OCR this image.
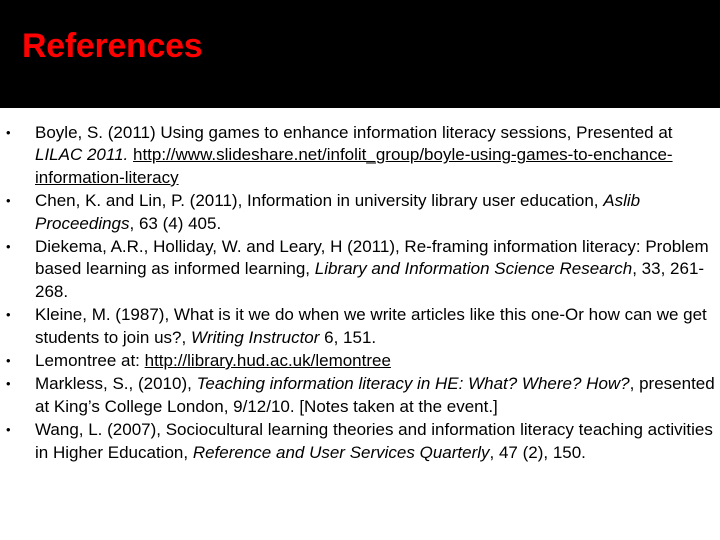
References
• Boyle, S. (2011) Using games to enhance information literacy sessions, Presented at LILAC 2011. http://www.slideshare.net/infolit_group/boyle-using-games-to-enchance-information-literacy
• Chen, K. and Lin, P. (2011), Information in university library user education, Aslib Proceedings, 63 (4) 405.
• Diekema, A.R., Holliday, W. and Leary, H (2011), Re-framing information literacy: Problem based learning as informed learning, Library and Information Science Research, 33, 261-268.
• Kleine, M. (1987), What is it we do when we write articles like this one-Or how can we get students to join us?, Writing Instructor 6, 151.
• Lemontree at: http://library.hud.ac.uk/lemontree
• Markless, S., (2010), Teaching information literacy in HE: What? Where? How?, presented at King’s College London, 9/12/10. [Notes taken at the event.]
• Wang, L. (2007), Sociocultural learning theories and information literacy teaching activities in Higher Education, Reference and User Services Quarterly, 47 (2), 150.
